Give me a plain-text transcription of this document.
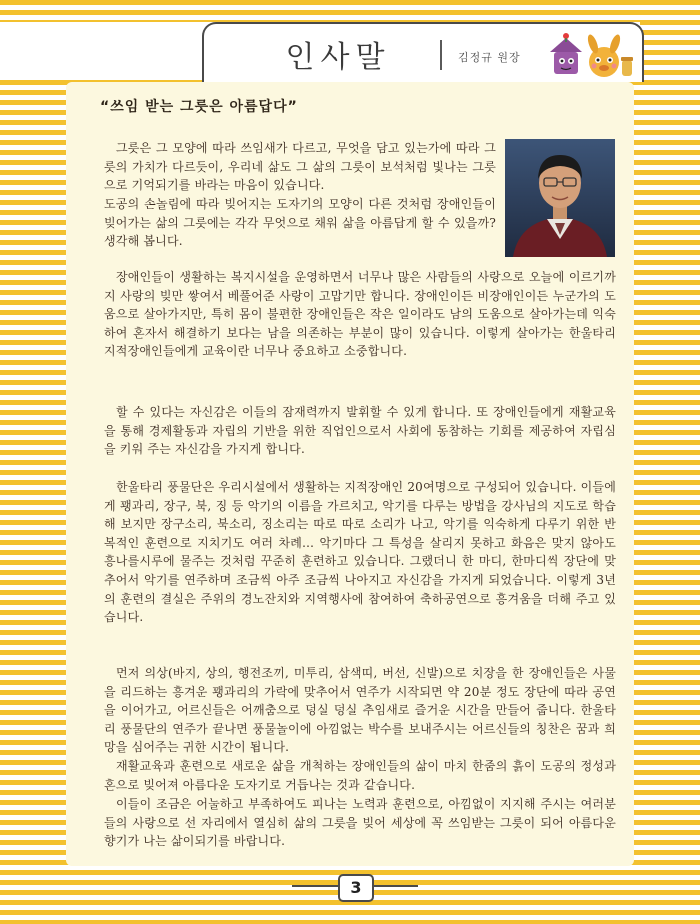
인사말	김정규 원장
“쓰임 받는 그릇은 아름답다”

그릇은 그 모양에 따라 쓰임새가 다르고, 무엇을 담고 있는가에 따라 그릇의 가치가 다르듯이, 우리네 삶도 그 삶의 그릇이 보석처럼 빛나는 그릇으로 기억되기를 바라는 마음이 있습니다.

도공의 손놀림에 따라 빚어지는 도자기의 모양이 다른 것처럼 장애인들이 빚어가는 삶의 그릇에는 각각 무엇으로 채워 삶을 아름답게 할 수 있을까? 생각해 봅니다.

장애인들이 생활하는 복지시설을 운영하면서 너무나 많은 사람들의 사랑으로 오늘에 이르기까지 사랑의 빚만 쌓여서 베풀어준 사랑이 고맙기만 합니다. 장애인이든 비장애인이든 누군가의 도움으로 살아가지만, 특히 몸이 불편한 장애인들은 작은 일이라도 남의 도움으로 살아가는데 익숙하여 혼자서 해결하기 보다는 남을 의존하는 부분이 많이 있습니다. 이렇게 살아가는 한울타리 지적장애인들에게 교육이란 너무나 중요하고 소중합니다.

할 수 있다는 자신감은 이들의 잠재력까지 발휘할 수 있게 합니다. 또 장애인들에게 재활교육을 통해 경제활동과 자립의 기반을 위한 직업인으로서 사회에 동참하는 기회를 제공하여 자립심을 키워 주는 자신감을 가지게 합니다.

한울타리 풍물단은 우리시설에서 생활하는 지적장애인 20여명으로 구성되어 있습니다. 이들에게 꽹과리, 장구, 북, 징 등 악기의 이름을 가르치고, 악기를 다루는 방법을 강사님의 지도로 학습해 보지만 장구소리, 북소리, 징소리는 따로 따로 소리가 나고, 악기를 익숙하게 다루기 위한 반복적인 훈련으로 지치기도 여러 차례… 악기마다 그 특성을 살리지 못하고 화음은 맞지 않아도 흥나를시루에 물주는 것처럼 꾸준히 훈련하고 있습니다. 그랬더니 한 마디, 한마디씩 장단에 맞추어서 악기를 연주하며 조금씩 아주 조금씩 나아지고 자신감을 가지게 되었습니다. 이렇게 3년의 훈련의 결실은 주위의 경노잔치와 지역행사에 참여하여 축하공연으로 흥겨움을 더해 주고 있습니다.

먼저 의상(바지, 상의, 행전조끼, 미투리, 삼색띠, 버선, 신발)으로 치장을 한 장애인들은 사물을 리드하는 흥겨운 꽹과리의 가락에 맞추어서 연주가 시작되면 약 20분 정도 장단에 따라 공연을 이어가고, 어르신들은 어깨춤으로 덩실 덩실 추임새로 즐거운 시간을 만들어 줍니다. 한울타리 풍물단의 연주가 끝나면 풍물놀이에 아낌없는 박수를 보내주시는 어르신들의 칭찬은 꿈과 희망을 심어주는 귀한 시간이 됩니다.

재활교육과 훈련으로 새로운 삶을 개척하는 장애인들의 삶이 마치 한줌의 흙이 도공의 정성과 혼으로 빚어져 아름다운 도자기로 거듭나는 것과 같습니다.

이들이 조금은 어눌하고 부족하여도 피나는 노력과 훈련으로, 아낌없이 지지해 주시는 여러분들의 사랑으로 선 자리에서 열심히 삶의 그릇을 빚어 세상에 꼭 쓰임받는 그릇이 되어 아름다운 향기가 나는 삶이되기를 바랍니다.

3
